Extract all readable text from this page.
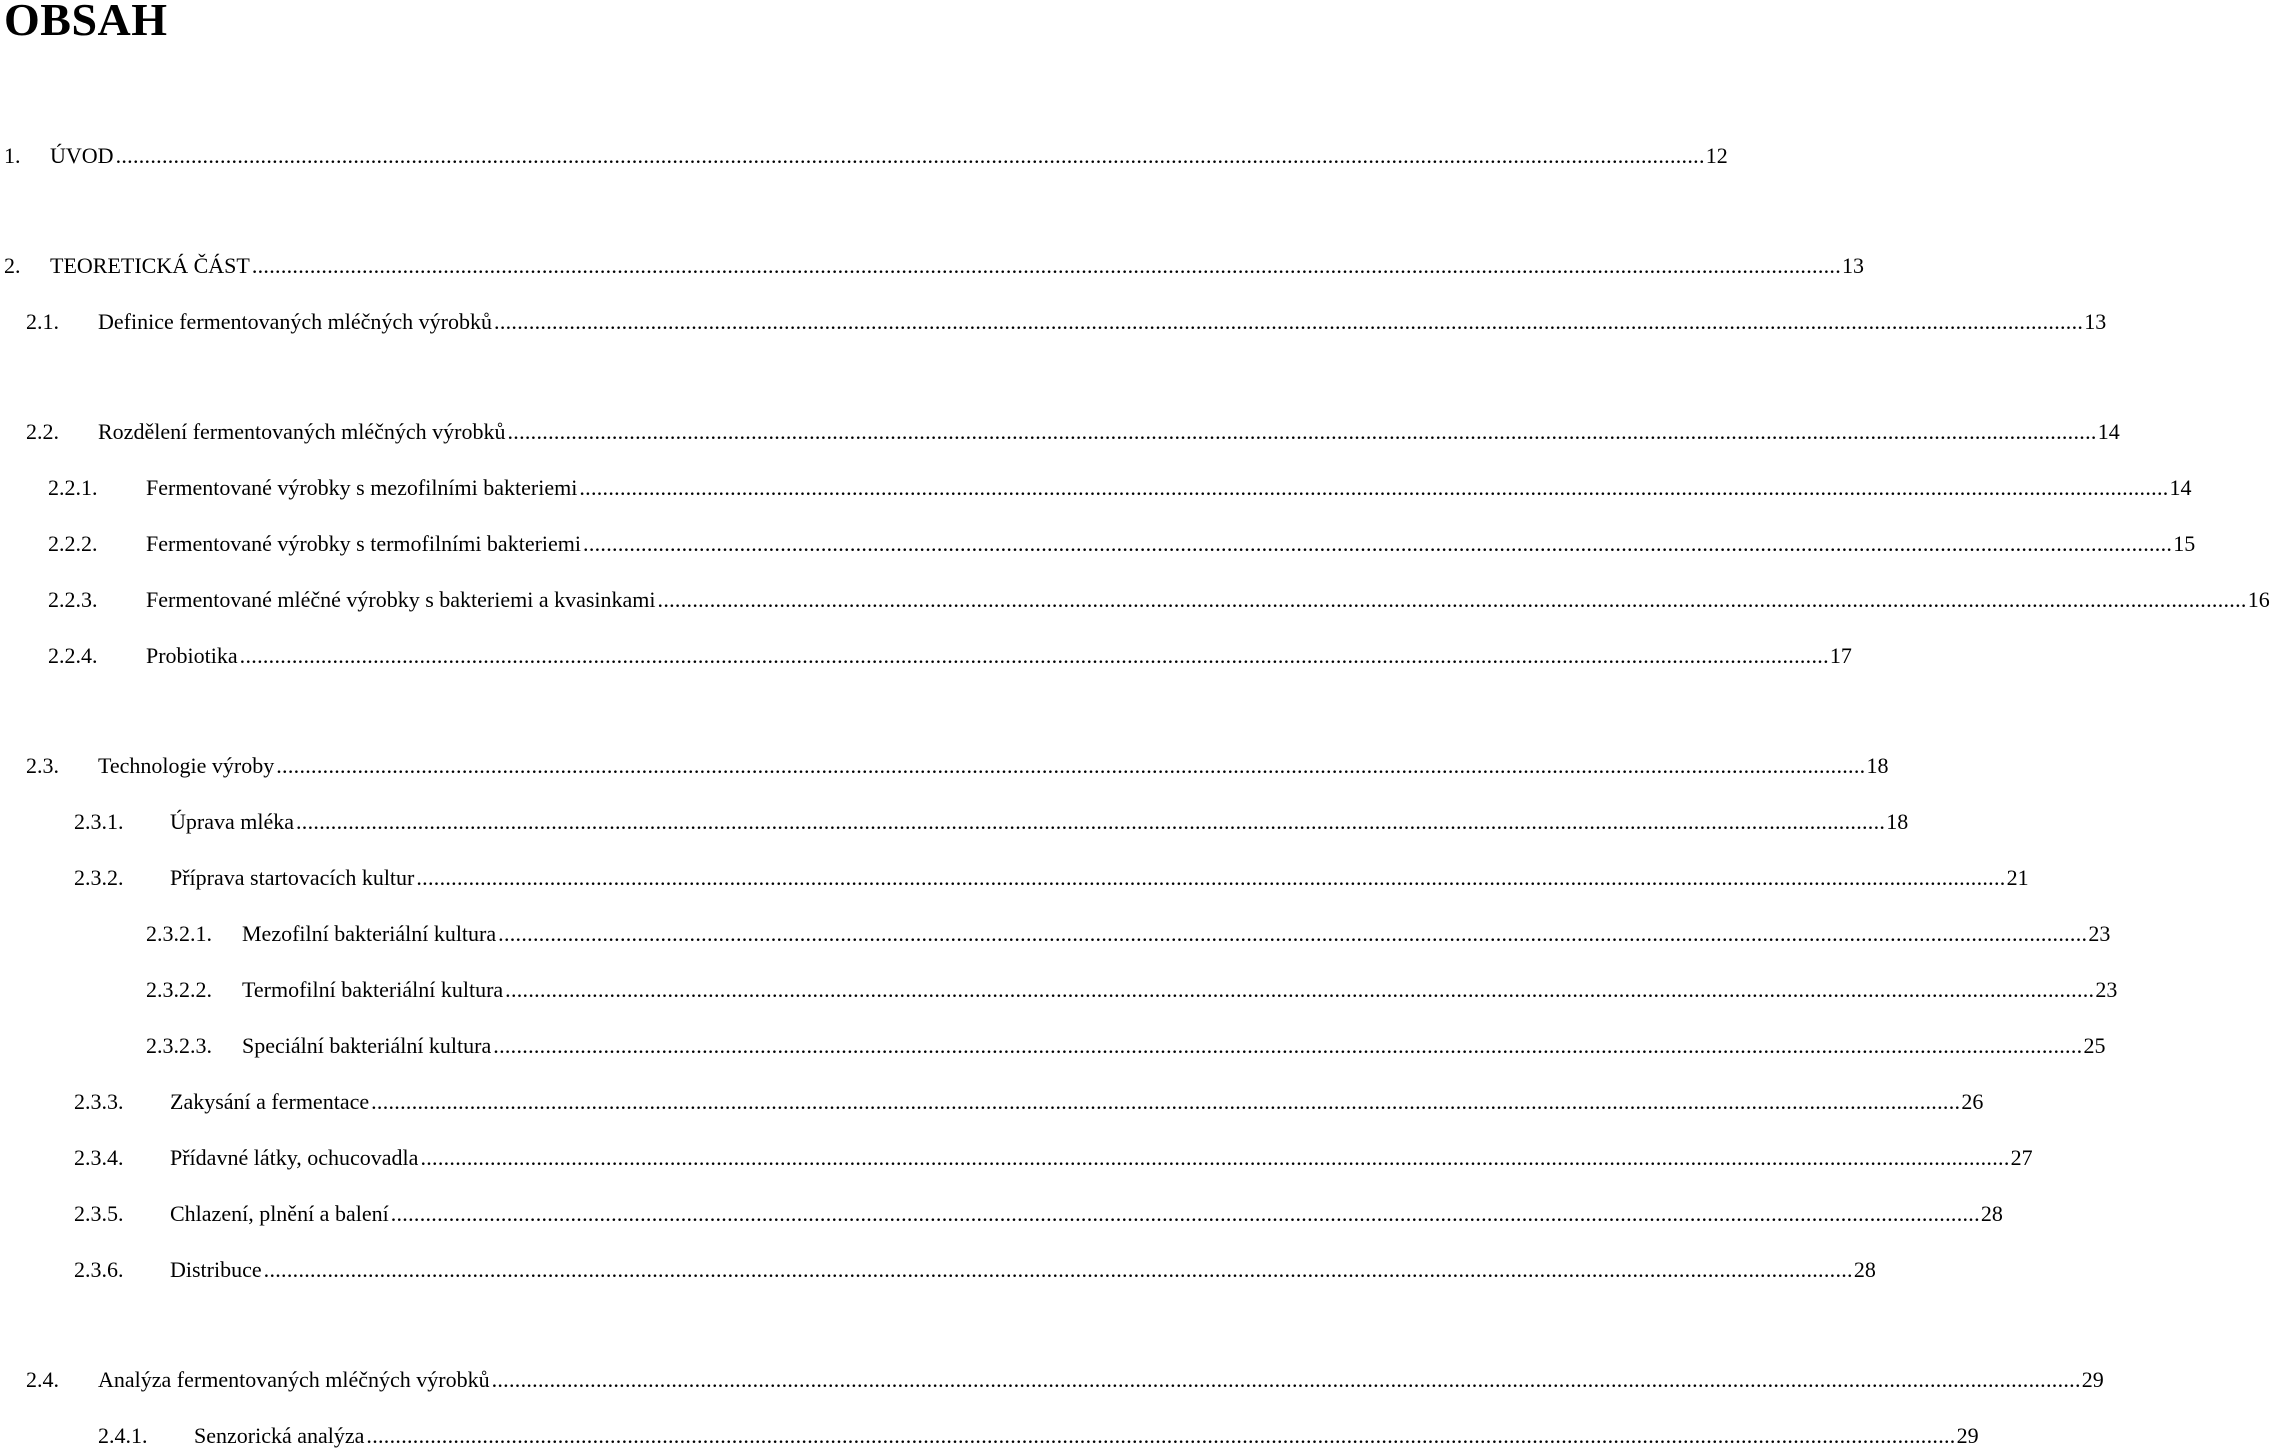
OBSAH
1.	ÚVOD .................................................................................................................................................................................................................................................................................. 12
2.	TEORETICKÁ ČÁST .................................................................................................................................................................................................................................................................................. 13
2.1.	Definice fermentovaných mléčných výrobků .................................................................................................................................................................................................................................................................................. 13
2.2.	Rozdělení fermentovaných mléčných výrobků .................................................................................................................................................................................................................................................................................. 14
2.2.1.	Fermentované výrobky s mezofilními bakteriemi .................................................................................................................................................................................................................................................................................. 14
2.2.2.	Fermentované výrobky s termofilními bakteriemi .................................................................................................................................................................................................................................................................................. 15
2.2.3.	Fermentované mléčné výrobky s bakteriemi a kvasinkami .................................................................................................................................................................................................................................................................................. 16
2.2.4.	Probiotika .................................................................................................................................................................................................................................................................................. 17
2.3.	Technologie výroby .................................................................................................................................................................................................................................................................................. 18
2.3.1.	Úprava mléka .................................................................................................................................................................................................................................................................................. 18
2.3.2.	Příprava startovacích kultur .................................................................................................................................................................................................................................................................................. 21
2.3.2.1.	Mezofilní bakteriální kultura .................................................................................................................................................................................................................................................................................. 23
2.3.2.2.	Termofilní bakteriální kultura .................................................................................................................................................................................................................................................................................. 23
2.3.2.3.	Speciální bakteriální kultura .................................................................................................................................................................................................................................................................................. 25
2.3.3.	Zakysání a fermentace .................................................................................................................................................................................................................................................................................. 26
2.3.4.	Přídavné látky, ochucovadla .................................................................................................................................................................................................................................................................................. 27
2.3.5.	Chlazení, plnění a balení .................................................................................................................................................................................................................................................................................. 28
2.3.6.	Distribuce .................................................................................................................................................................................................................................................................................. 28
2.4.	Analýza fermentovaných mléčných výrobků .................................................................................................................................................................................................................................................................................. 29
2.4.1.	Senzorická analýza .................................................................................................................................................................................................................................................................................. 29
